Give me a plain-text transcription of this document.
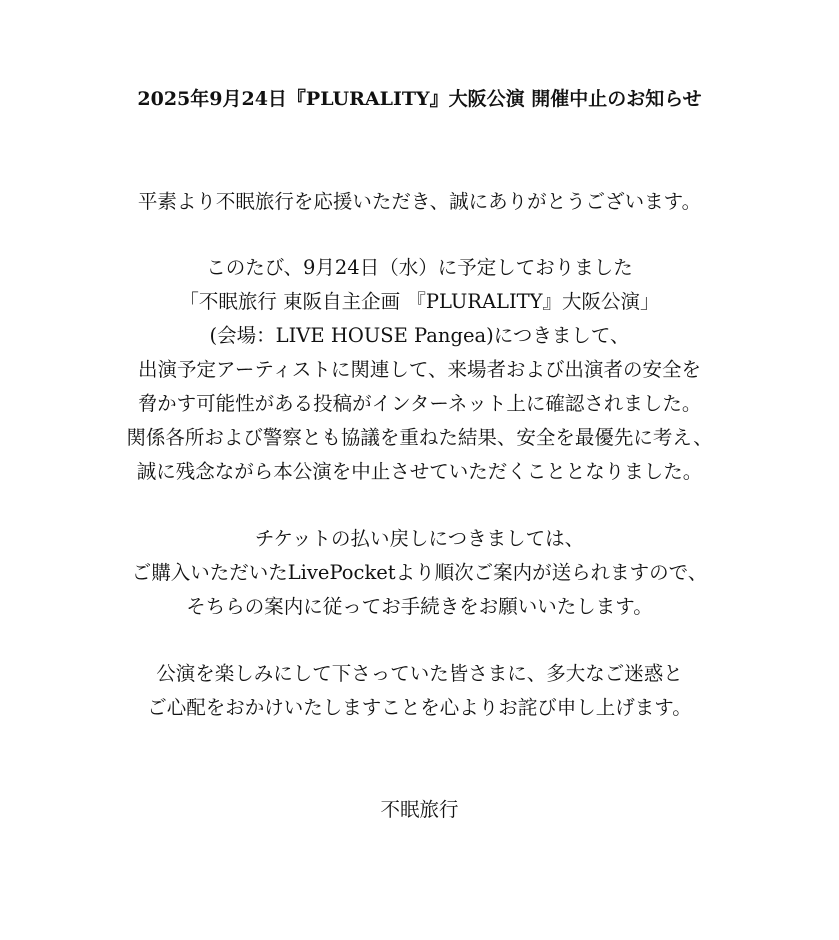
2025年9月24日『PLURALITY』大阪公演 開催中止のお知らせ
平素より不眠旅行を応援いただき、誠にありがとうございます。
このたび、9月24日（水）に予定しておりました
「不眠旅行 東阪自主企画 『PLURALITY』大阪公演」
(会場：LIVE HOUSE Pangea)につきまして、
出演予定アーティストに関連して、来場者および出演者の安全を
脅かす可能性がある投稿がインターネット上に確認されました。
関係各所および警察とも協議を重ねた結果、安全を最優先に考え、
誠に残念ながら本公演を中止させていただくこととなりました。
チケットの払い戻しにつきましては、
ご購入いただいたLivePocketより順次ご案内が送られますので、
そちらの案内に従ってお手続きをお願いいたします。
公演を楽しみにして下さっていた皆さまに、多大なご迷惑と
ご心配をおかけいたしますことを心よりお詫び申し上げます。
不眠旅行
